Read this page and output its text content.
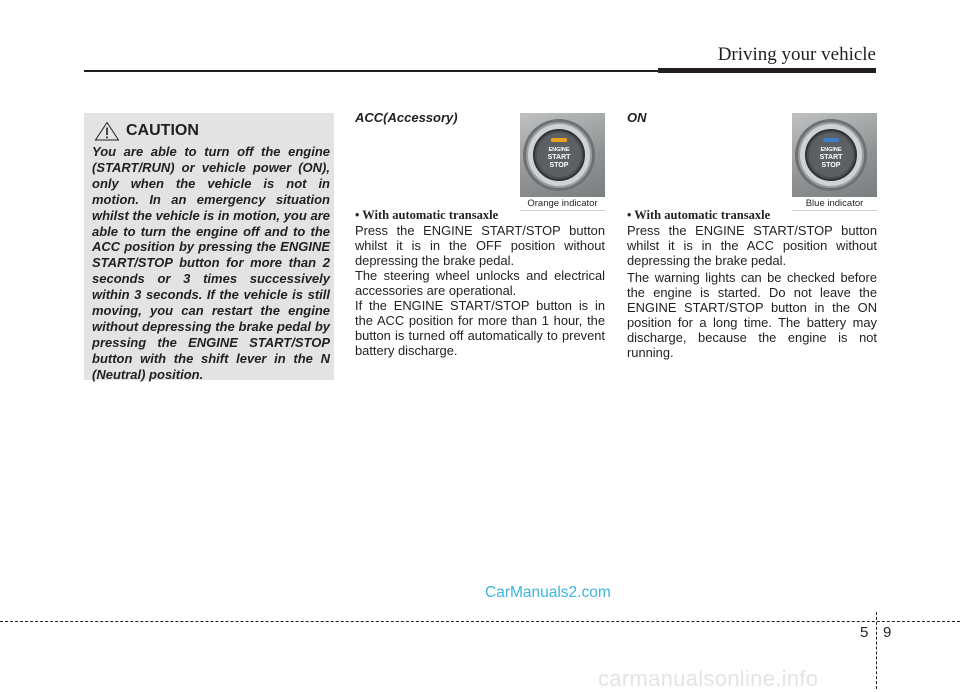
Driving your vehicle
CAUTION
You are able to turn off the engine (START/RUN) or vehicle power (ON), only when the vehicle is not in motion. In an emergency situation whilst the vehicle is in motion, you are able to turn the engine off and to the ACC position by pressing the ENGINE START/STOP button for more than 2 seconds or 3 times successively within 3 seconds. If the vehicle is still moving, you can restart the engine without depressing the brake pedal by pressing the ENGINE START/STOP button with the shift lever in the N (Neutral) position.
ACC(Accessory)
ENGINE
START
STOP
Orange indicator
• With automatic transaxle

Press the ENGINE START/STOP button whilst it is in the OFF position without depressing the brake pedal.

The steering wheel unlocks and electrical accessories are operational.

If the ENGINE START/STOP button is in the ACC position for more than 1 hour, the button is turned off automatically to prevent battery discharge.

ON
ENGINE
START
STOP
Blue indicator
• With automatic transaxle

Press the ENGINE START/STOP button whilst it is in the ACC position without depressing the brake pedal.

The warning lights can be checked before the engine is started. Do not leave the ENGINE START/STOP button in the ON position for a long time. The battery may discharge, because the engine is not running.

5 9
CarManuals2.com
carmanualsonline.info
